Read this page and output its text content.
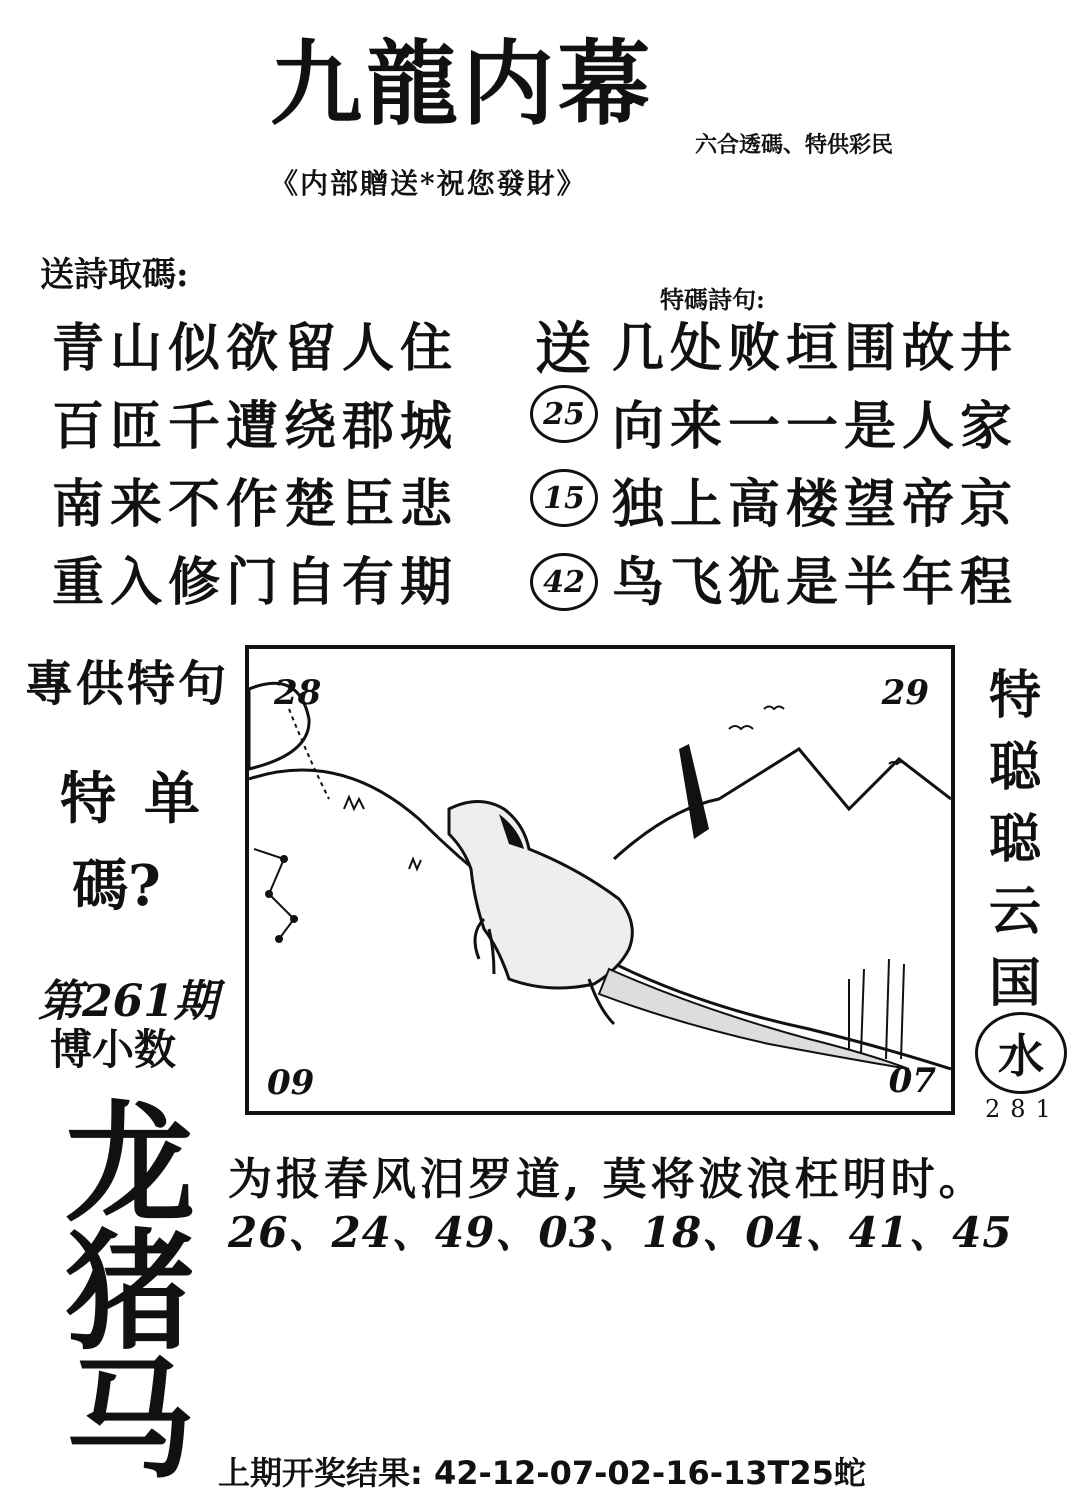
九龍内幕
六合透碼、特供彩民
《内部贈送*祝您發財》
送詩取碼:
特碼詩句:
青山似欲留人住
百匝千遭绕郡城
南来不作楚臣悲
重入修门自有期
送
25
15
42
几处败垣围故井
向来一一是人家
独上高楼望帝京
鸟飞犹是半年程
專供特句
特单
碼?
第261期
博小数
龙
猪
马
28	29
09	07
特
聪
聪
云
国
水
281
为报春风汨罗道, 莫将波浪枉明时。
26、24、49、03、18、04、41、45
上期开奖结果: 42-12-07-02-16-13T25蛇
